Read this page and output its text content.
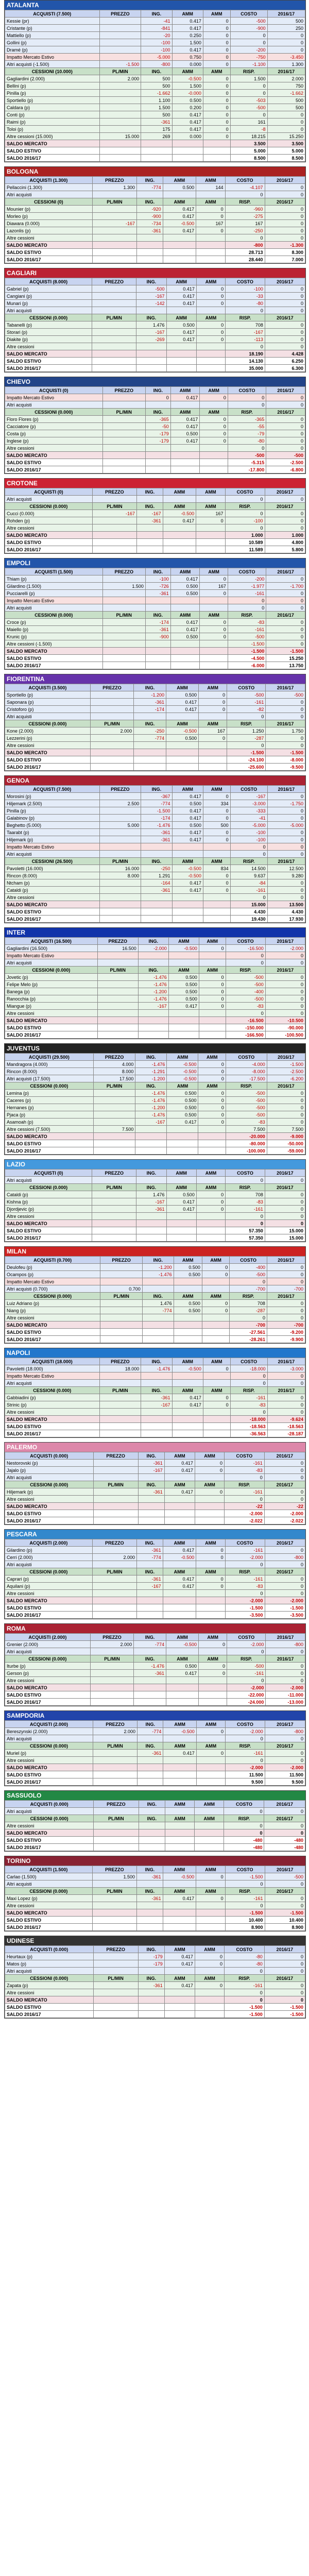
ATALANTA
ACQUISTI (7.500)	PREZZO	ING.	AMM	AMM	COSTO	2016/17
Kessie (pr)		-41	0.417	0	-500	500
Cristante (p)		-841	0.417	0	-900	250
Mattiello (p)		-20	0.250	0	0	0
Gollini (p)		-100	1.500	0	0	0
Dramé (p)		-100	0.417	0	-200	0
Impatto Mercato Estivo		-5.000	0.750	0	-750	-3.450
Altri acquisti (-1.500)	-1.500	-800	0.000	0	-1.100	1.300
CESSIONI (10.000)	PL/MIN	ING.	AMM	AMM	RISP.	2016/17
Gagliardini (2.000)	2.000	500	-0.500	0	1.500	2.000
Bellini (p)		500	1.500	0	0	750
Pinilla (p)		-1.662	-0.000	0	0	-1.662
Sportiello (p)		1.100	0.500	0	-503	500
Caldara (p)		1.500	0.200	0	-500	500
Conti (p)		500	0.417	0	0	0
Raimi (p)		-361	0.417	0	161	0
Toloi (p)		175	0.417	0	-8	0
Altre cessioni (15.000)	15.000	269	0.000	0	18.215	15.250
SALDO MERCATO					3.500	3.500
SALDO ESTIVO					5.000	5.000
SALDO 2016/17					8.500	8.500
BOLOGNA
ACQUISTI (1.300)	PREZZO	ING.	AMM	AMM	COSTO	2016/17
Pellaccini (1.300)	1.300	-774	0.500	144	-4.107	0
Altri acquisti					0	0
CESSIONI (0)	PL/MIN	ING.	AMM	AMM	RISP.	2016/17
Mounier (p)		-920	0.417	0	-960	0
Morleo (p)		-900	0.417	0	-275	0
Diawara (0.000)	-167	-734	-0.500	167	167	0
Lazonlis (p)		-361	0.417	0	-250	0
Altre cessioni					0	0
SALDO MERCATO					-800	-1.300
SALDO ESTIVO					28.713	8.300
SALDO 2016/17					28.440	7.000
CAGLIARI
ACQUISTI (8.000)	PREZZO	ING.	AMM	AMM	COSTO	2016/17
Gabriel (p)		-500	0.417	0	-100	0
Cangiani (p)		-167	0.417	0	-33	0
Munari (p)		-142	0.417	0	-80	0
Altri acquisti					0	0
CESSIONI (0.000)	PL/MIN	ING.	AMM	AMM	RISP.	2016/17
Tabanelli (p)		1.476	0.500	0	708	0
Storari (p)		-167	0.417	0	-167	0
Diakite (p)		-269	0.417	0	-113	0
Altre cessioni					0	0
SALDO MERCATO					18.190	4.428
SALDO ESTIVO					14.130	6.250
SALDO 2016/17					35.000	6.300
CHIEVO
ACQUISTI (0)	PREZZO	ING.	AMM	AMM	COSTO	2016/17
Impatto Mercato Estivo		0	0.417	0	0	0
Altri acquisti					0	0
CESSIONI (0.000)	PL/MIN	ING.	AMM	AMM	RISP.	2016/17
Floro Flores (p)		-365	0.417	0	-365	0
Cacciatore (p)		-50	0.417	0	-55	0
Costa (p)		-179	0.500	0	-79	0
Inglese (p)		-179	0.417	0	-80	0
Altre cessioni					0	0
SALDO MERCATO					-500	-500
SALDO ESTIVO					-5.315	-2.500
SALDO 2016/17					-17.800	-6.800
CROTONE
ACQUISTI (0)	PREZZO	ING.	AMM	AMM	COSTO	2016/17
Altri acquisti					0	0
CESSIONI (0.000)	PL/MIN	ING.	AMM	AMM	RISP.	2016/17
Cucci (0.000)	-167	-167	-0.500	167	0	0
Rohden (p)		-361	0.417	0	-100	0
Altre cessioni					0	0
SALDO MERCATO					1.000	1.000
SALDO ESTIVO					10.589	4.800
SALDO 2016/17					11.589	5.800
EMPOLI
ACQUISTI (1.500)	PREZZO	ING.	AMM	AMM	COSTO	2016/17
Thiam (p)		-100	0.417	0	-200	0
Gilardino (1.500)	1.500	-726	0.500	167	-1.977	-1.700
Pucciarelli (p)		-361	0.500	0	-161	0
Impatto Mercato Estivo					0	0
Altri acquisti					0	0
CESSIONI (0.000)	PL/MIN	ING.	AMM	AMM	RISP.	2016/17
Croce (p)		-174	0.417	0	-83	0
Maiello (p)		-361	0.417	0	-161	0
Krunic (p)		-900	0.500	0	-500	0
Altre cessioni (-1.500)					-1.500	0
SALDO MERCATO					-1.500	-1.500
SALDO ESTIVO					-4.500	15.250
SALDO 2016/17					-6.000	13.750
FIORENTINA
ACQUISTI (3.500)	PREZZO	ING.	AMM	AMM	COSTO	2016/17
Sportiello (p)		-1.200	0.500	0	-500	-500
Saponara (p)		-361	0.417	0	-161	0
Cristoforo (p)		-174	0.417	0	-82	0
Altri acquisti					0	0
CESSIONI (0.000)	PL/MIN	ING.	AMM	AMM	RISP.	2016/17
Kone (2.000)	2.000	-250	-0.500	167	1.250	1.750
Lezzerini (p)		-774	0.500	0	-287	0
Altre cessioni					0	0
SALDO MERCATO					-1.500	-1.500
SALDO ESTIVO					-24.100	-8.000
SALDO 2016/17					-25.600	-9.500
GENOA
ACQUISTI (7.500)	PREZZO	ING.	AMM	AMM	COSTO	2016/17
Morosini (p)		-367	0.417	0	-167	0
Hiljemark (2.500)	2.500	-774	0.500	334	-3.000	-1.750
Pinilla (p)		-1.500	0.417	0	-333	0
Galabinov (p)		-174	0.417	0	-41	0
Beghetto (5.000)	5.000	-1.476	0.500	500	-5.000	-5.000
Taarabt (p)		-361	0.417	0	-100	0
Hiljemark (p)		-361	0.417	0	-100	0
Impatto Mercato Estivo					0	0
Altri acquisti					0	0
CESSIONI (26.500)	PL/MIN	ING.	AMM	AMM	RISP.	2016/17
Pavoletti (16.000)	16.000	-250	-0.500	834	14.500	12.500
Rincon (8.000)	8.000	1.291	-0.500	0	9.637	9.280
Ntcham (p)		-164	0.417	0	-84	0
Cataldi (p)		-361	0.417	0	-161	0
Altre cessioni					0	0
SALDO MERCATO					15.000	13.500
SALDO ESTIVO					4.430	4.430
SALDO 2016/17					19.430	17.930
INTER
ACQUISTI (16.500)	PREZZO	ING.	AMM	AMM	COSTO	2016/17
Gagliardini (16.500)	16.500	-2.000	-0.500	0	-16.500	-2.000
Impatto Mercato Estivo					0	0
Altri acquisti					0	0
CESSIONI (0.000)	PL/MIN	ING.	AMM	AMM	RISP.	2016/17
Jovetic (p)		-1.476	0.500	0	-500	0
Felipe Melo (p)		-1.476	0.500	0	-500	0
Banega (p)		-1.200	0.500	0	-400	0
Ranocchia (p)		-1.476	0.500	0	-500	0
Miangue (p)		-167	0.417	0	-83	0
Altre cessioni					0	0
SALDO MERCATO					-16.500	-10.500
SALDO ESTIVO					-150.000	-90.000
SALDO 2016/17					-166.500	-100.500
JUVENTUS
ACQUISTI (29.500)	PREZZO	ING.	AMM	AMM	COSTO	2016/17
Mandragora (4.000)	4.000	-1.476	-0.500	0	-4.000	-1.500
Rincon (8.000)	8.000	-1.291	-0.500	0	-8.000	-2.500
Altri acquisti (17.500)	17.500	-1.200	-0.500	0	-17.500	-6.200
CESSIONI (0.000)	PL/MIN	ING.	AMM	AMM	RISP.	2016/17
Lemina (p)		-1.476	0.500	0	-500	0
Caceres (p)		-1.476	0.500	0	-500	0
Hernanes (p)		-1.200	0.500	0	-500	0
Pjaca (p)		-1.476	0.500	0	-500	0
Asamoah (p)		-167	0.417	0	-83	0
Altre cessioni (7.500)	7.500				7.500	7.500
SALDO MERCATO					-20.000	-9.000
SALDO ESTIVO					-80.000	-50.000
SALDO 2016/17					-100.000	-59.000
LAZIO
ACQUISTI (0)	PREZZO	ING.	AMM	AMM	COSTO	2016/17
Altri acquisti					0	0
CESSIONI (0.000)	PL/MIN	ING.	AMM	AMM	RISP.	2016/17
Cataldi (p)		1.476	0.500	0	708	0
Kishna (p)		-167	0.417	0	-83	0
Djordjevic (p)		-361	0.417	0	-161	0
Altre cessioni					0	0
SALDO MERCATO					0	0
SALDO ESTIVO					57.350	15.000
SALDO 2016/17					57.350	15.000
MILAN
ACQUISTI (0.700)	PREZZO	ING.	AMM	AMM	COSTO	2016/17
Deulofeu (p)		-1.200	0.500	0	-400	0
Ocampos (p)		-1.476	0.500	0	-500	0
Impatto Mercato Estivo					0	0
Altri acquisti (0.700)	0.700				-700	-700
CESSIONI (0.000)	PL/MIN	ING.	AMM	AMM	RISP.	2016/17
Luiz Adriano (p)		1.476	0.500	0	708	0
Niang (p)		-774	0.500	0	-287	0
Altre cessioni					0	0
SALDO MERCATO					-700	-700
SALDO ESTIVO					-27.561	-9.200
SALDO 2016/17					-28.261	-9.900
NAPOLI
ACQUISTI (18.000)	PREZZO	ING.	AMM	AMM	COSTO	2016/17
Pavoletti (18.000)	18.000	-1.476	-0.500	0	-18.000	-3.000
Impatto Mercato Estivo					0	0
Altri acquisti					0	0
CESSIONI (0.000)	PL/MIN	ING.	AMM	AMM	RISP.	2016/17
Gabbiadini (p)		-361	0.417	0	-161	0
Strinic (p)		-167	0.417	0	-83	0
Altre cessioni					0	0
SALDO MERCATO					-18.000	-9.624
SALDO ESTIVO					-18.563	-18.563
SALDO 2016/17					-36.563	-28.187
PALERMO
ACQUISTI (0.000)	PREZZO	ING.	AMM	AMM	COSTO	2016/17
Nestorovski (p)		-361	0.417	0	-161	0
Jajalo (p)		-167	0.417	0	-83	0
Altri acquisti					0	0
CESSIONI (0.000)	PL/MIN	ING.	AMM	AMM	RISP.	2016/17
Hiljemark (p)		-361	0.417	0	-161	0
Altre cessioni					0	0
SALDO MERCATO					-22	-22
SALDO ESTIVO					-2.000	-2.000
SALDO 2016/17					-2.022	-2.022
PESCARA
ACQUISTI (2.000)	PREZZO	ING.	AMM	AMM	COSTO	2016/17
Gilardino (p)		-361	0.417	0	-161	0
Cerri (2.000)	2.000	-774	-0.500	0	-2.000	-800
Altri acquisti					0	0
CESSIONI (0.000)	PL/MIN	ING.	AMM	AMM	RISP.	2016/17
Caprari (p)		-361	0.417	0	-161	0
Aquilani (p)		-167	0.417	0	-83	0
Altre cessioni					0	0
SALDO MERCATO					-2.000	-2.000
SALDO ESTIVO					-1.500	-1.500
SALDO 2016/17					-3.500	-3.500
ROMA
ACQUISTI (2.000)	PREZZO	ING.	AMM	AMM	COSTO	2016/17
Grenier (2.000)	2.000	-774	-0.500	0	-2.000	-800
Altri acquisti					0	0
CESSIONI (0.000)	PL/MIN	ING.	AMM	AMM	RISP.	2016/17
Iturbe (p)		-1.476	0.500	0	-500	0
Gerson (p)		-361	0.417	0	-161	0
Altre cessioni					0	0
SALDO MERCATO					-2.000	-2.000
SALDO ESTIVO					-22.000	-11.000
SALDO 2016/17					-24.000	-13.000
SAMPDORIA
ACQUISTI (2.000)	PREZZO	ING.	AMM	AMM	COSTO	2016/17
Bereszynski (2.000)	2.000	-774	-0.500	0	-2.000	-800
Altri acquisti					0	0
CESSIONI (0.000)	PL/MIN	ING.	AMM	AMM	RISP.	2016/17
Muriel (p)		-361	0.417	0	-161	0
Altre cessioni					0	0
SALDO MERCATO					-2.000	-2.000
SALDO ESTIVO					11.500	11.500
SALDO 2016/17					9.500	9.500
SASSUOLO
ACQUISTI (0.000)	PREZZO	ING.	AMM	AMM	COSTO	2016/17
Altri acquisti					0	0
CESSIONI (0.000)	PL/MIN	ING.	AMM	AMM	RISP.	2016/17
Altre cessioni					0	0
SALDO MERCATO					0	0
SALDO ESTIVO					-480	-480
SALDO 2016/17					-480	-480
TORINO
ACQUISTI (1.500)	PREZZO	ING.	AMM	AMM	COSTO	2016/17
Carlao (1.500)	1.500	-361	-0.500	0	-1.500	-500
Altri acquisti					0	0
CESSIONI (0.000)	PL/MIN	ING.	AMM	AMM	RISP.	2016/17
Maxi Lopez (p)		-361	0.417	0	-161	0
Altre cessioni					0	0
SALDO MERCATO					-1.500	-1.500
SALDO ESTIVO					10.400	10.400
SALDO 2016/17					8.900	8.900
UDINESE
ACQUISTI (0.000)	PREZZO	ING.	AMM	AMM	COSTO	2016/17
Heurtaux (p)		-179	0.417	0	-80	0
Matos (p)		-179	0.417	0	-80	0
Altri acquisti					0	0
CESSIONI (0.000)	PL/MIN	ING.	AMM	AMM	RISP.	2016/17
Zapata (p)		-361	0.417	0	-161	0
Altre cessioni					0	0
SALDO MERCATO					0	0
SALDO ESTIVO					-1.500	-1.500
SALDO 2016/17					-1.500	-1.500
